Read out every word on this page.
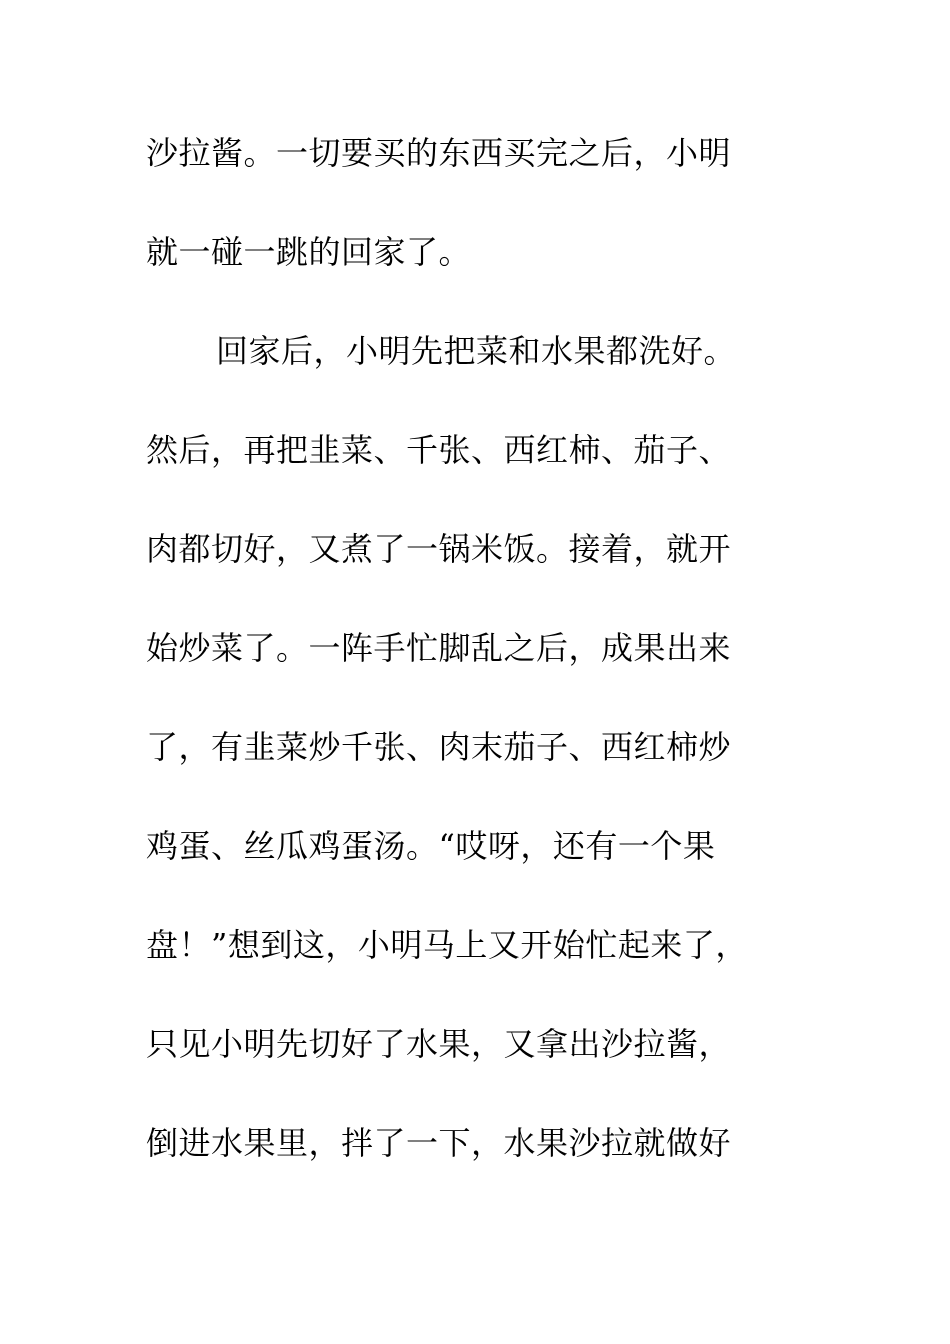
沙拉酱。一切要买的东西买完之后，小明
就一碰一跳的回家了。
回家后，小明先把菜和水果都洗好。
然后，再把韭菜、千张、西红柿、茄子、
肉都切好，又煮了一锅米饭。接着，就开
始炒菜了。一阵手忙脚乱之后，成果出来
了，有韭菜炒千张、肉末茄子、西红柿炒
鸡蛋、丝瓜鸡蛋汤。“哎呀，还有一个果
盘！”想到这，小明马上又开始忙起来了，
只见小明先切好了水果，又拿出沙拉酱，
倒进水果里，拌了一下，水果沙拉就做好
